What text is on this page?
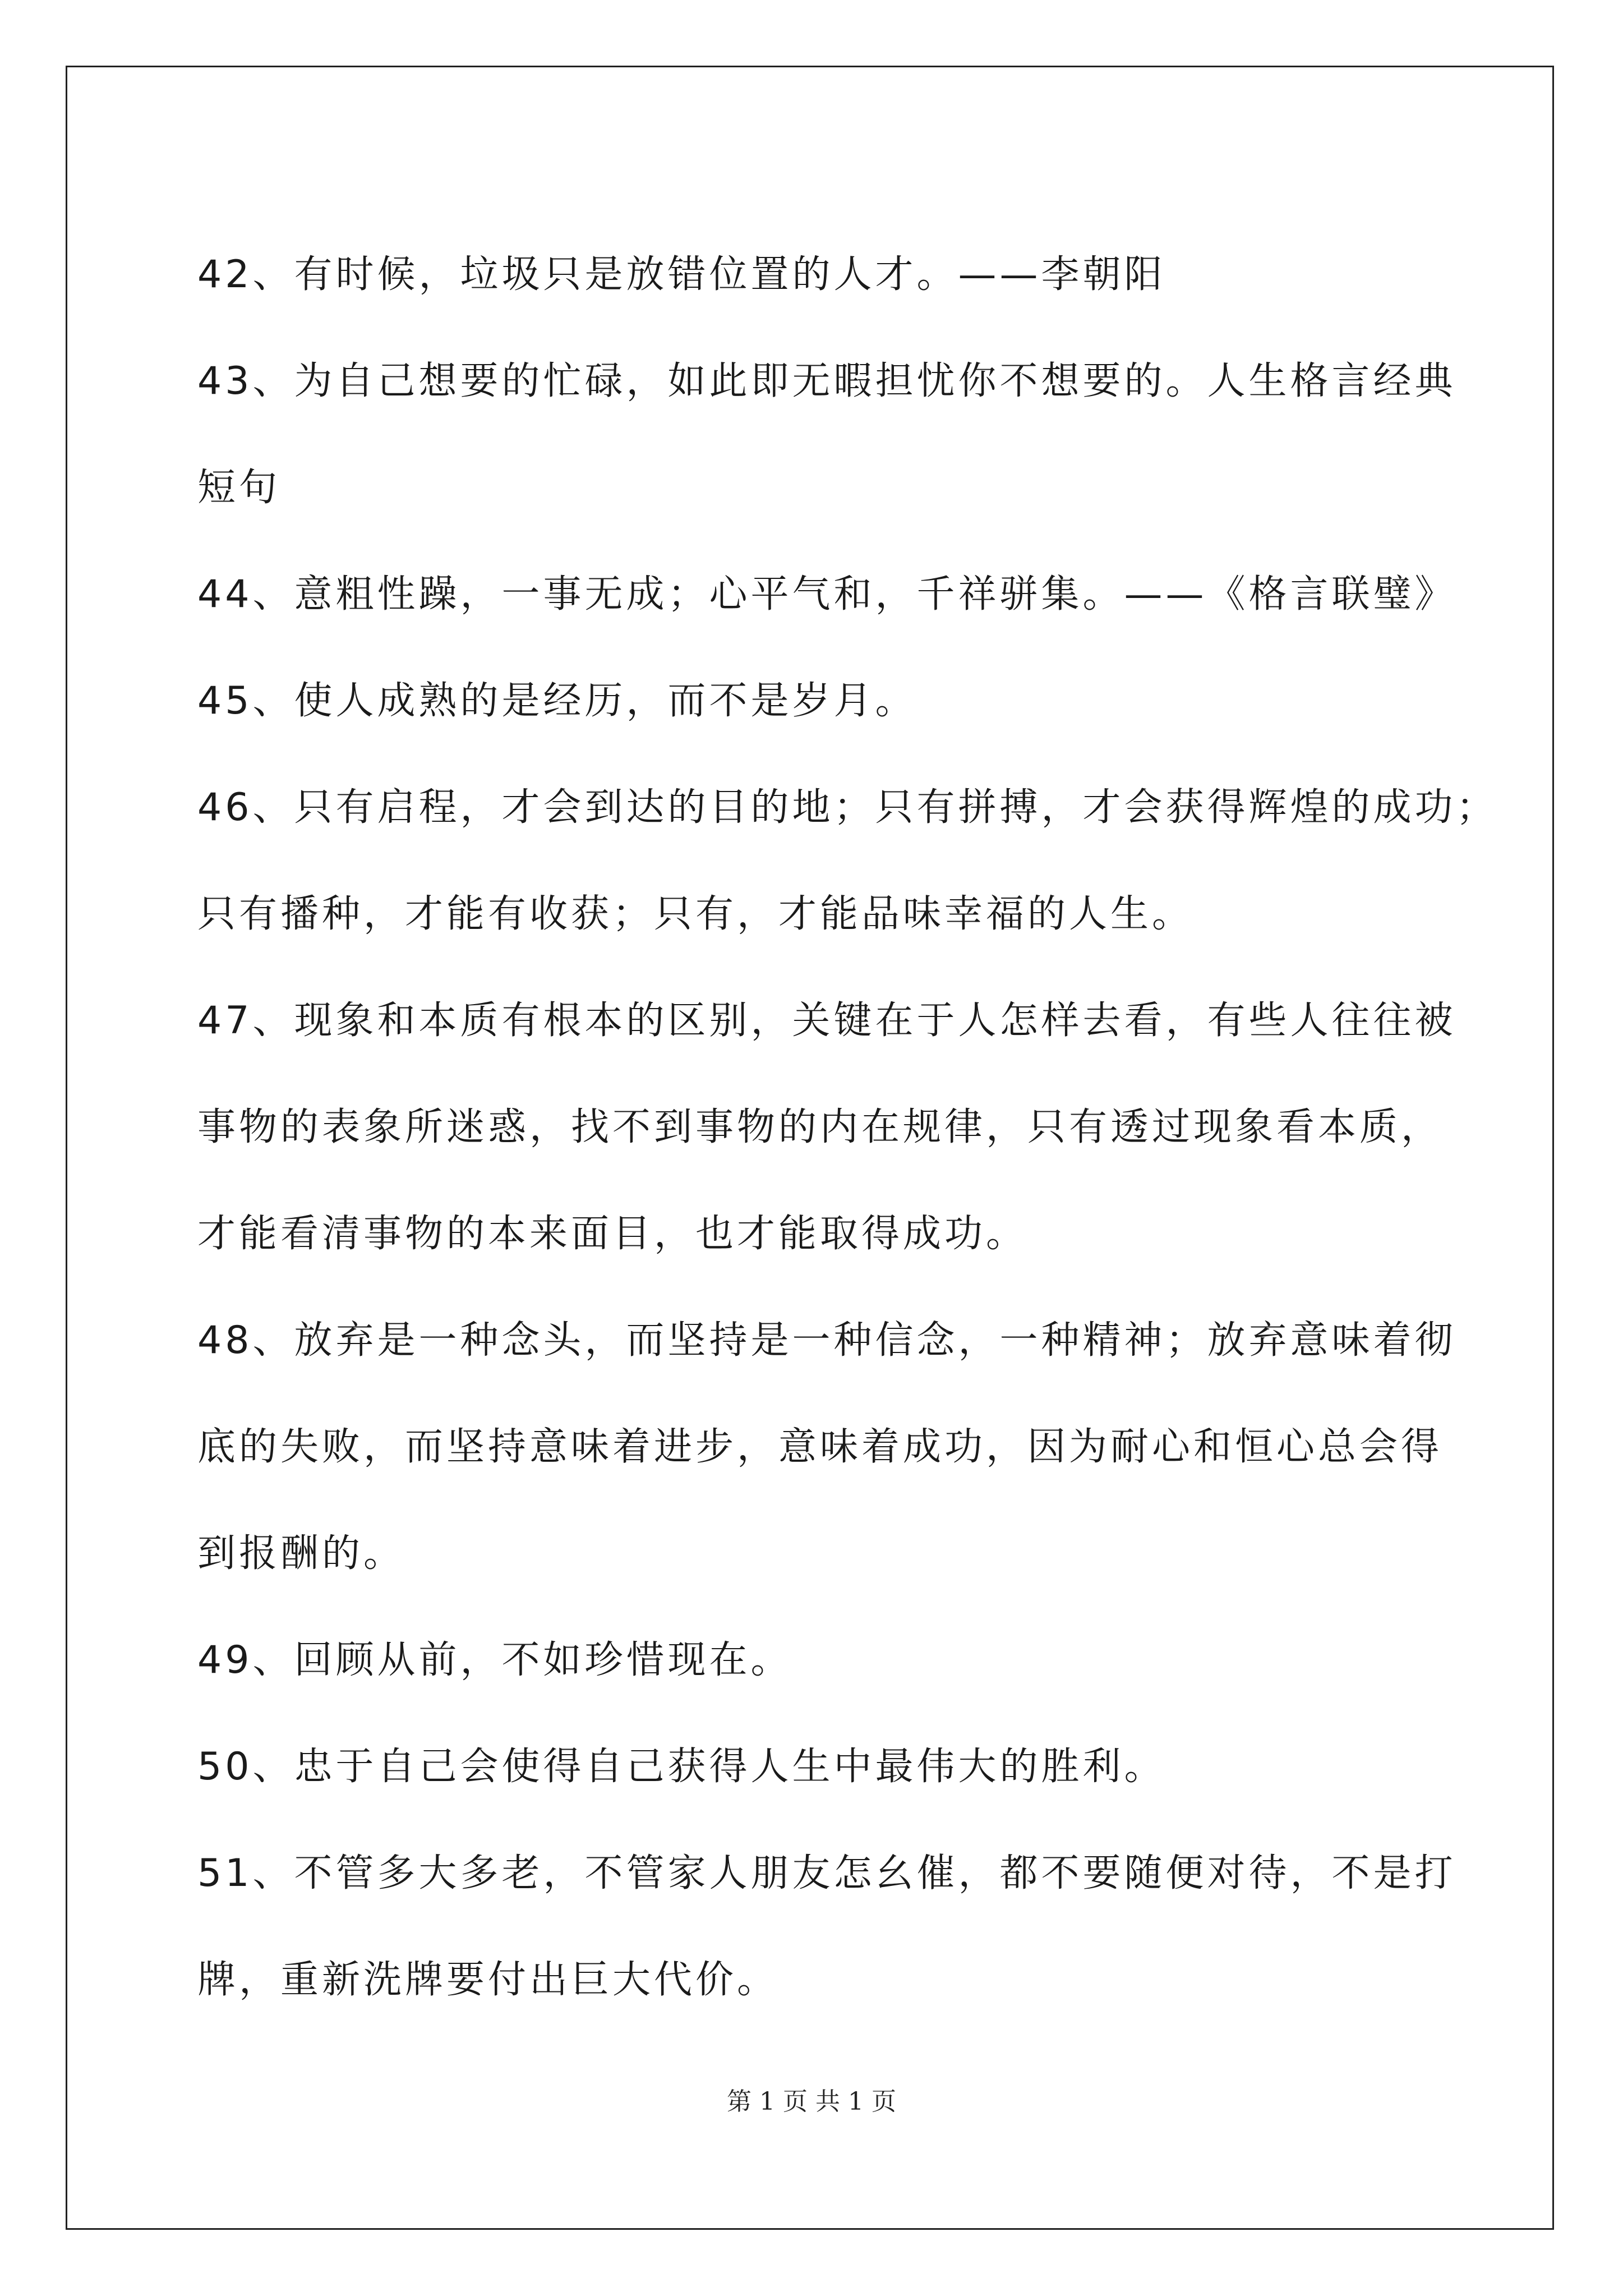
42、有时候，垃圾只是放错位置的人才。——李朝阳
43、为自己想要的忙碌，如此即无暇担忧你不想要的。人生格言经典
短句
44、意粗性躁，一事无成；心平气和，千祥骈集。——《格言联璧》
45、使人成熟的是经历，而不是岁月。
46、只有启程，才会到达的目的地；只有拼搏，才会获得辉煌的成功；
只有播种，才能有收获；只有，才能品味幸福的人生。
47、现象和本质有根本的区别，关键在于人怎样去看，有些人往往被
事物的表象所迷惑，找不到事物的内在规律，只有透过现象看本质，
才能看清事物的本来面目，也才能取得成功。
48、放弃是一种念头，而坚持是一种信念，一种精神；放弃意味着彻
底的失败，而坚持意味着进步，意味着成功，因为耐心和恒心总会得
到报酬的。
49、回顾从前，不如珍惜现在。
50、忠于自己会使得自己获得人生中最伟大的胜利。
51、不管多大多老，不管家人朋友怎幺催，都不要随便对待，不是打
牌，重新洗牌要付出巨大代价。
第 1 页 共 1 页
